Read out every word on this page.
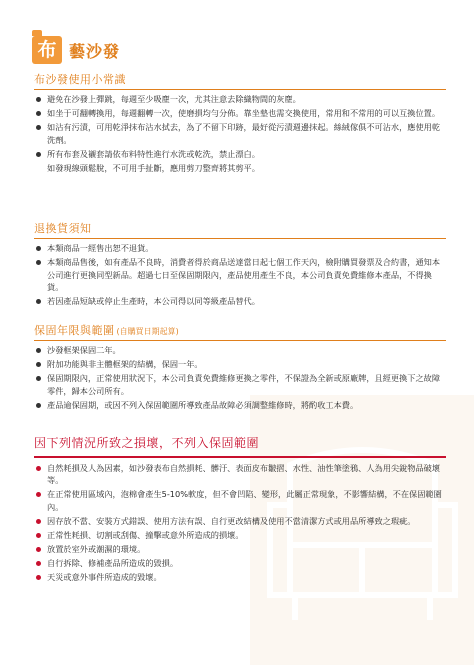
布 藝沙發
布沙發使用小常識
避免在沙發上彈跳，每週至少吸塵一次，尤其注意去除織物間的灰塵。
如坐于可翻轉換用，每週翻轉一次，使磨損均勻分佈。靠坐墊也需交換使用，常用和不常用的可以互換位置。
如沾有污漬，可用乾淨抹布沾水拭去，為了不留下印跡，最好從污漬週邊抹起。絲絨傢俱不可沾水，應使用乾洗劑。
所有布套及襯套請依布料特性進行水洗或乾洗，禁止漂白。
如發現線頭鬆脫，不可用手扯斷，應用剪刀整齊將其剪平。
退換貨須知
本類商品一經售出恕不退貨。
本類商品售後，如有產品不良時，消費者得於商品送達當日起七個工作天內，檢附購買發票及合約書，通知本公司進行更換同型新品。超過七日至保固期限內，產品使用產生不良，本公司負責免費維修本產品，不得換貨。
若因產品短缺或停止生產時，本公司得以同等級產品替代。
保固年限與範圍 (自購買日期起算)
沙發框架保固二年。
附加功能與非主體框架的結構，保固一年。
保固期限內，正常使用狀況下，本公司負責免費維修更換之零件，不保證為全新或原廠牌，且經更換下之故障零件，歸本公司所有。
產品逾保固期，或因不列入保固範圍所導致產品故障必須調整維修時，將酌收工本費。
因下列情況所致之損壞，不列入保固範圍
自然耗損及人為因素，如沙發表布自然損耗、髒汙、表面皮布皺摺、水性、油性筆塗鴉、人為用尖銳物品破壞等。
在正常使用區域內，泡棉會產生5-10%軟度，但不會凹陷、變形，此屬正常現象，不影響結構，不在保固範圍內。
因存放不當、安裝方式錯誤、使用方法有誤、自行更改結構及使用不當清潔方式或用品所導致之瑕疵。
正常性耗損、切割或刮傷、撞擊或意外所造成的損壞。
放置於室外或潮濕的環境。
自行拆除、修補產品所造成的毀損。
天災或意外事件所造成的毀壞。
